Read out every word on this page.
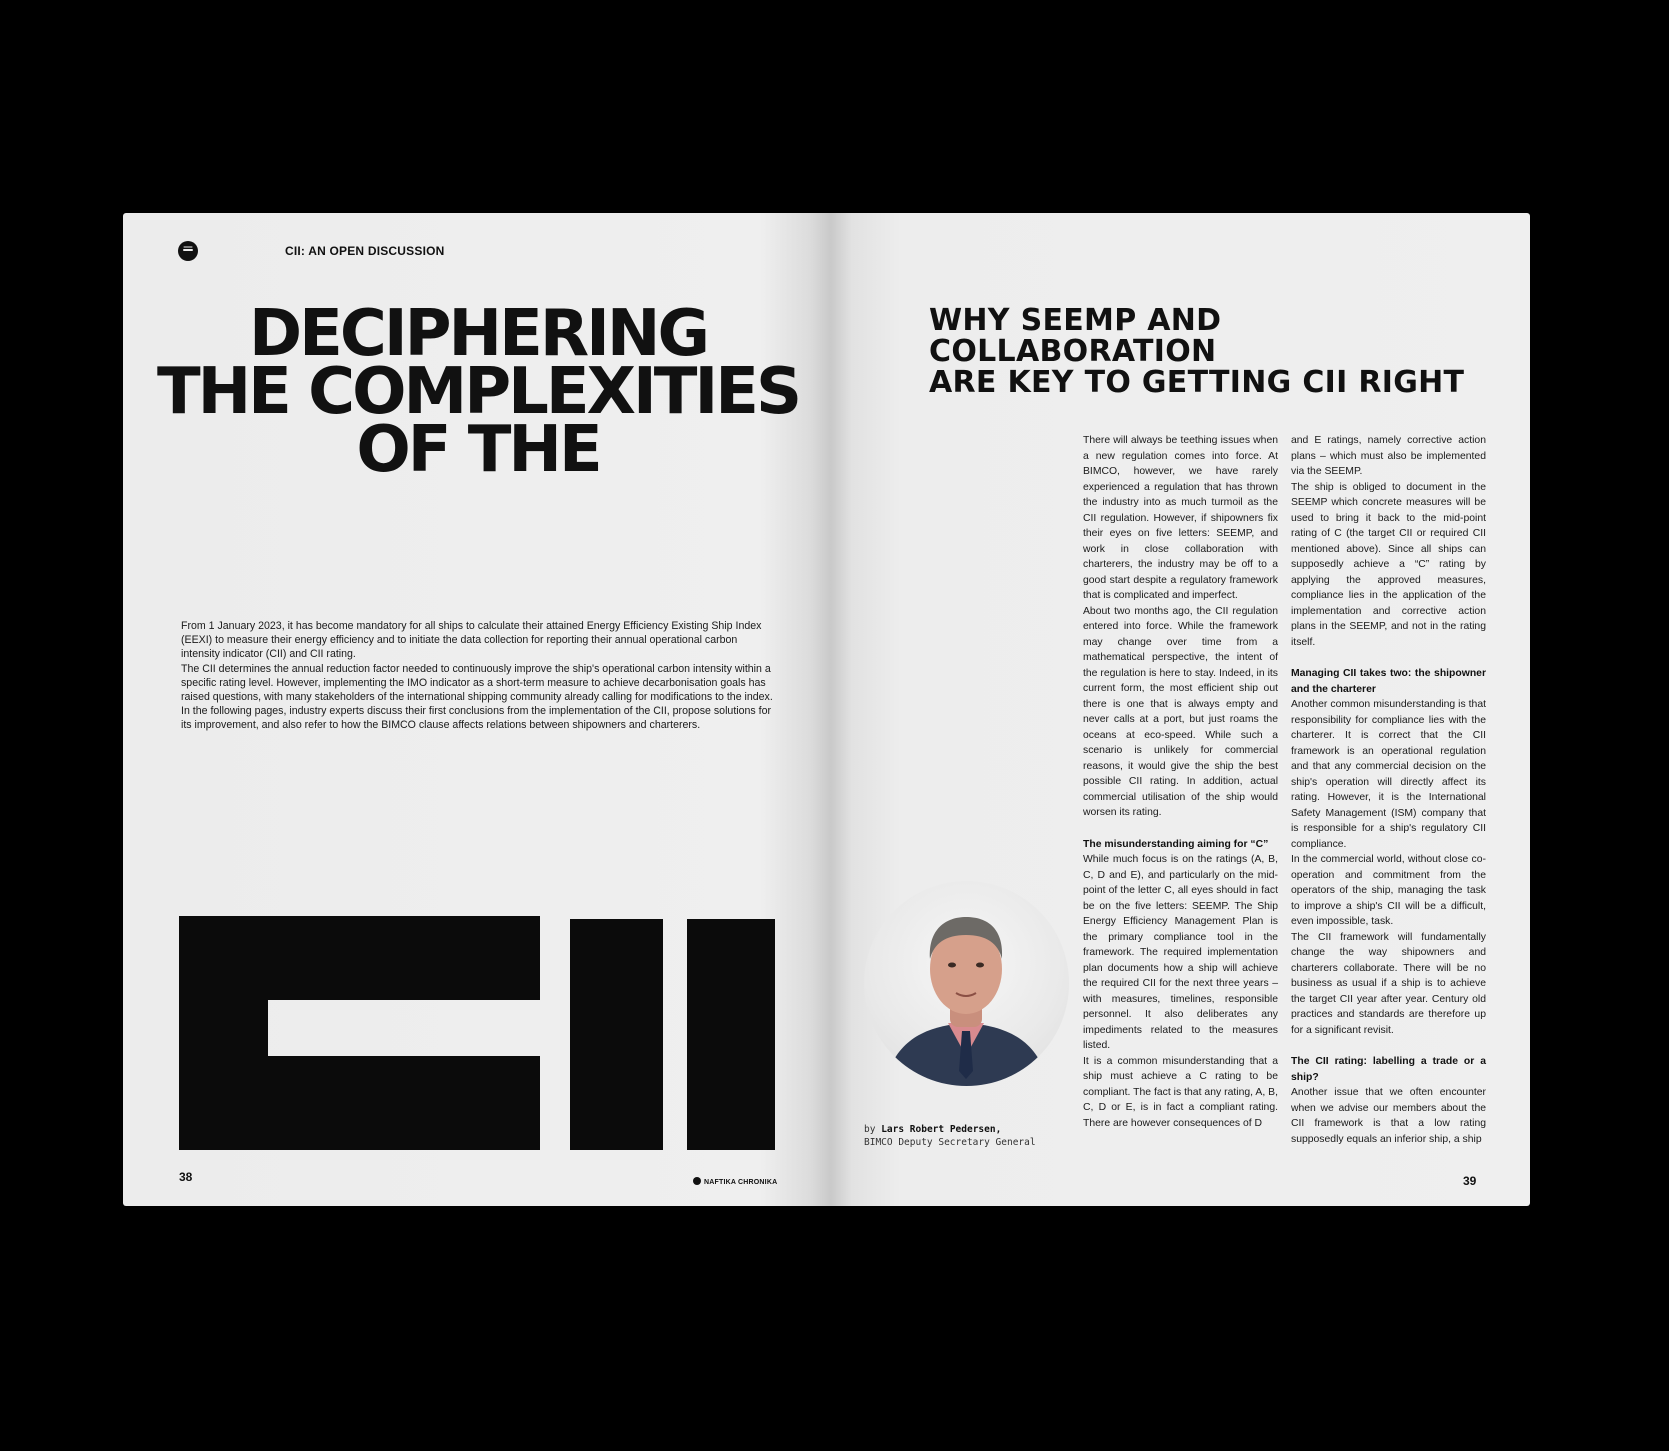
CII: AN OPEN DISCUSSION
DECIPHERING
THE COMPLEXITIES
OF THE

From 1 January 2023, it has become mandatory for all ships to calculate their attained Energy Efficiency Existing Ship Index (EEXI) to measure their energy efficiency and to initiate the data collection for reporting their annual operational carbon intensity indicator (CII) and CII rating.

The CII determines the annual reduction factor needed to continuously improve the ship's operational carbon intensity within a specific rating level. However, implementing the IMO indicator as a short-term measure to achieve decarbonisation goals has raised questions, with many stakeholders of the international shipping community already calling for modifications to the index.

In the following pages, industry experts discuss their first conclusions from the implementation of the CII, propose solutions for its improvement, and also refer to how the BIMCO clause affects relations between shipowners and charterers.

38	NAFTIKA CHRONIKA
WHY SEEMP AND COLLABORATION
ARE KEY TO GETTING CII RIGHT

There will always be teething issues when a new regulation comes into force. At BIMCO, however, we have rarely experienced a regulation that has thrown the industry into as much turmoil as the CII regulation. However, if shipowners fix their eyes on five letters: SEEMP, and work in close collaboration with charterers, the industry may be off to a good start despite a regulatory framework that is complicated and imperfect.

About two months ago, the CII regulation entered into force. While the framework may change over time from a mathematical perspective, the intent of the regulation is here to stay. Indeed, in its current form, the most efficient ship out there is one that is always empty and never calls at a port, but just roams the oceans at eco-speed. While such a scenario is unlikely for commercial reasons, it would give the ship the best possible CII rating. In addition, actual commercial utilisation of the ship would worsen its rating.

The misunderstanding aiming for “C”

While much focus is on the ratings (A, B, C, D and E), and particularly on the mid-point of the letter C, all eyes should in fact be on the five letters: SEEMP. The Ship Energy Efficiency Management Plan is the primary compliance tool in the framework. The required implementation plan documents how a ship will achieve the required CII for the next three years – with measures, timelines, responsible personnel. It also deliberates any impediments related to the measures listed.

It is a common misunderstanding that a ship must achieve a C rating to be compliant. The fact is that any rating, A, B, C, D or E, is in fact a compliant rating. There are however consequences of D

and E ratings, namely corrective action plans – which must also be implemented via the SEEMP.

The ship is obliged to document in the SEEMP which concrete measures will be used to bring it back to the mid-point rating of C (the target CII or required CII mentioned above). Since all ships can supposedly achieve a “C” rating by applying the approved measures, compliance lies in the application of the implementation and corrective action plans in the SEEMP, and not in the rating itself.

Managing CII takes two: the shipowner and the charterer

Another common misunderstanding is that responsibility for compliance lies with the charterer. It is correct that the CII framework is an operational regulation and that any commercial decision on the ship's operation will directly affect its rating. However, it is the International Safety Management (ISM) company that is responsible for a ship's regulatory CII compliance.

In the commercial world, without close co-operation and commitment from the operators of the ship, managing the task to improve a ship's CII will be a difficult, even impossible, task.

The CII framework will fundamentally change the way shipowners and charterers collaborate. There will be no business as usual if a ship is to achieve the target CII year after year. Century old practices and standards are therefore up for a significant revisit.

The CII rating: labelling a trade or a ship?

Another issue that we often encounter when we advise our members about the CII framework is that a low rating supposedly equals an inferior ship, a ship

by Lars Robert Pedersen,
BIMCO Deputy Secretary General
39
